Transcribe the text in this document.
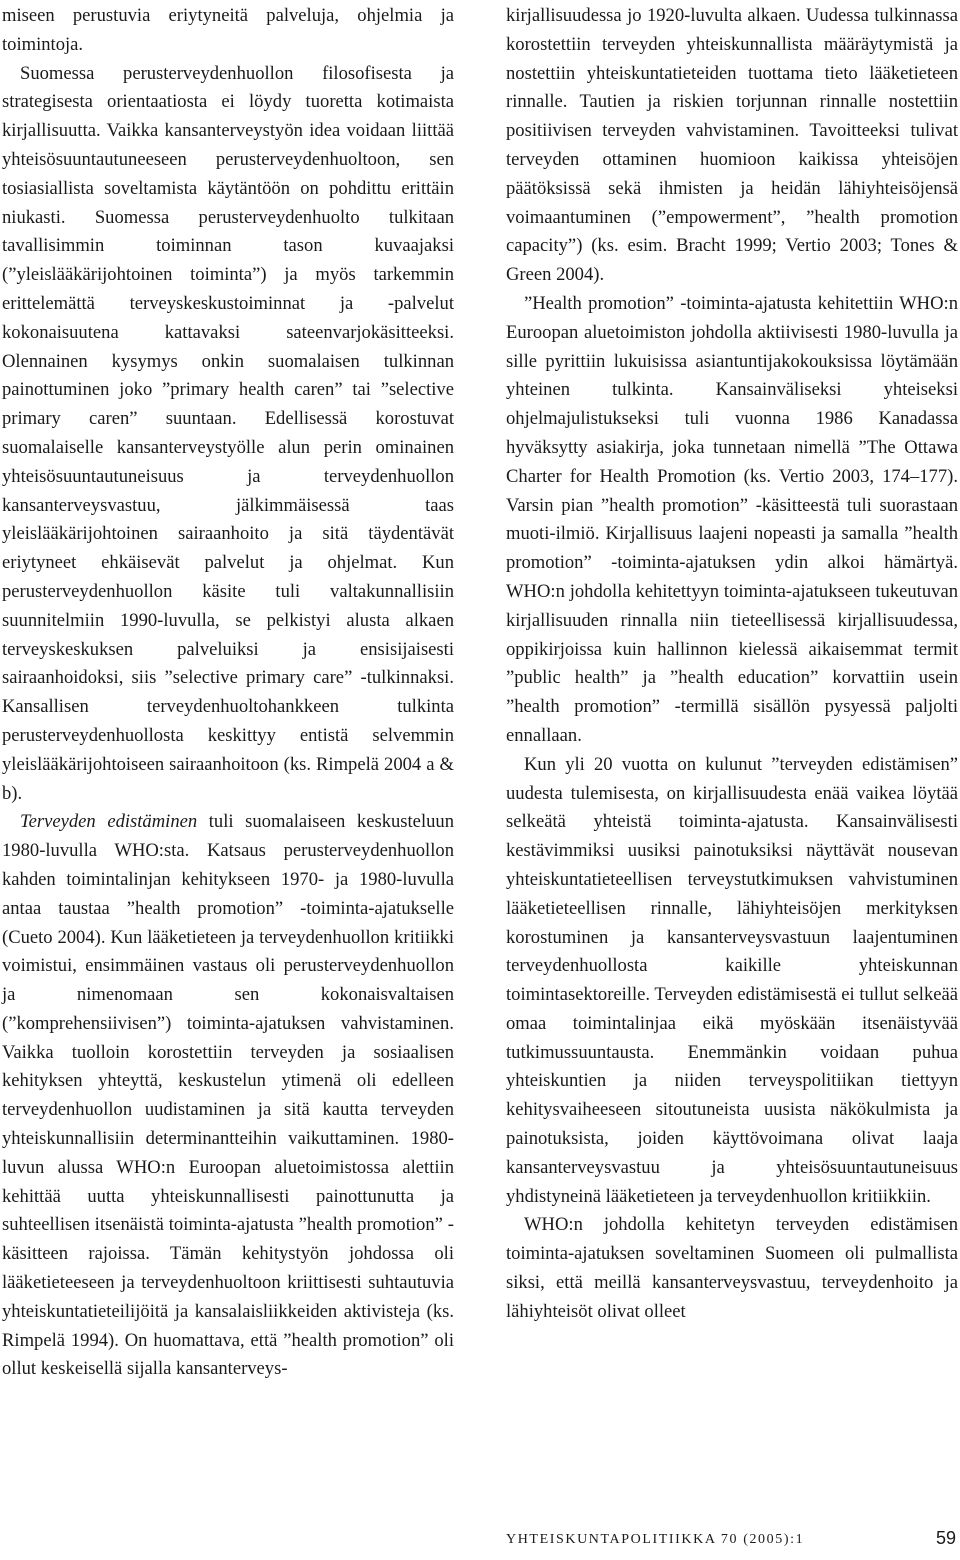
miseen perustuvia eriytyneitä palveluja, ohjelmia ja toimintoja.

Suomessa perusterveydenhuollon filosofisesta ja strategisesta orientaatiosta ei löydy tuoretta kotimaista kirjallisuutta. Vaikka kansanterveystyön idea voidaan liittää yhteisösuuntautuneeseen perusterveydenhuoltoon, sen tosiasiallista soveltamista käytäntöön on pohdittu erittäin niukasti. Suomessa perusterveydenhuolto tulkitaan tavallisimmin toiminnan tason kuvaajaksi (”yleislääkärijohtoinen toiminta”) ja myös tarkemmin erittelemättä terveyskeskustoiminnat ja -palvelut kokonaisuutena kattavaksi sateenvarjokäsitteeksi. Olennainen kysymys onkin suomalaisen tulkinnan painottuminen joko ”primary health caren” tai ”selective primary caren” suuntaan. Edellisessä korostuvat suomalaiselle kansanterveystyölle alun perin ominainen yhteisösuuntautuneisuus ja terveydenhuollon kansanterveysvastuu, jälkimmäisessä taas yleislääkärijohtoinen sairaanhoito ja sitä täydentävät eriytyneet ehkäisevät palvelut ja ohjelmat. Kun perusterveydenhuollon käsite tuli valtakunnallisiin suunnitelmiin 1990-luvulla, se pelkistyi alusta alkaen terveyskeskuksen palveluiksi ja ensisijaisesti sairaanhoidoksi, siis ”selective primary care” -tulkinnaksi. Kansallisen terveydenhuoltohankkeen tulkinta perusterveydenhuollosta keskittyy entistä selvemmin yleislääkärijohtoiseen sairaanhoitoon (ks. Rimpelä 2004 a & b).

Terveyden edistäminen tuli suomalaiseen keskusteluun 1980-luvulla WHO:sta. Katsaus perusterveydenhuollon kahden toimintalinjan kehitykseen 1970- ja 1980-luvulla antaa taustaa ”health promotion” -toiminta-ajatukselle (Cueto 2004). Kun lääketieteen ja terveydenhuollon kritiikki voimistui, ensimmäinen vastaus oli perusterveydenhuollon ja nimenomaan sen kokonaisvaltaisen (”komprehensiivisen”) toiminta-ajatuksen vahvistaminen. Vaikka tuolloin korostettiin terveyden ja sosiaalisen kehityksen yhteyttä, keskustelun ytimenä oli edelleen terveydenhuollon uudistaminen ja sitä kautta terveyden yhteiskunnallisiin determinantteihin vaikuttaminen. 1980-luvun alussa WHO:n Euroopan aluetoimistossa alettiin kehittää uutta yhteiskunnallisesti painottunutta ja suhteellisen itsenäistä toiminta-ajatusta ”health promotion” -käsitteen rajoissa. Tämän kehitystyön johdossa oli lääketieteeseen ja terveydenhuoltoon kriittisesti suhtautuvia yhteiskuntatieteilijöitä ja kansalaisliikkeiden aktivisteja (ks. Rimpelä 1994). On huomattava, että ”health promotion” oli ollut keskeisellä sijalla kansanterveys-

kirjallisuudessa jo 1920-luvulta alkaen. Uudessa tulkinnassa korostettiin terveyden yhteiskunnallista määräytymistä ja nostettiin yhteiskuntatieteiden tuottama tieto lääketieteen rinnalle. Tautien ja riskien torjunnan rinnalle nostettiin positiivisen terveyden vahvistaminen. Tavoitteeksi tulivat terveyden ottaminen huomioon kaikissa yhteisöjen päätöksissä sekä ihmisten ja heidän lähiyhteisöjensä voimaantuminen (”empowerment”, ”health promotion capacity”) (ks. esim. Bracht 1999; Vertio 2003; Tones & Green 2004).

”Health promotion” -toiminta-ajatusta kehitettiin WHO:n Euroopan aluetoimiston johdolla aktiivisesti 1980-luvulla ja sille pyrittiin lukuisissa asiantuntijakokouksissa löytämään yhteinen tulkinta. Kansainväliseksi yhteiseksi ohjelmajulistukseksi tuli vuonna 1986 Kanadassa hyväksytty asiakirja, joka tunnetaan nimellä ”The Ottawa Charter for Health Promotion (ks. Vertio 2003, 174–177). Varsin pian ”health promotion” -käsitteestä tuli suorastaan muoti-ilmiö. Kirjallisuus laajeni nopeasti ja samalla ”health promotion” -toiminta-ajatuksen ydin alkoi hämärtyä. WHO:n johdolla kehitettyyn toiminta-ajatukseen tukeutuvan kirjallisuuden rinnalla niin tieteellisessä kirjallisuudessa, oppikirjoissa kuin hallinnon kielessä aikaisemmat termit ”public health” ja ”health education” korvattiin usein ”health promotion” -termillä sisällön pysyessä paljolti ennallaan.

Kun yli 20 vuotta on kulunut ”terveyden edistämisen” uudesta tulemisesta, on kirjallisuudesta enää vaikea löytää selkeätä yhteistä toiminta-ajatusta. Kansainvälisesti kestävimmiksi uusiksi painotuksiksi näyttävät nousevan yhteiskuntatieteellisen terveystutkimuksen vahvistuminen lääketieteellisen rinnalle, lähiyhteisöjen merkityksen korostuminen ja kansanterveysvastuun laajentuminen terveydenhuollosta kaikille yhteiskunnan toimintasektoreille. Terveyden edistämisestä ei tullut selkeää omaa toimintalinjaa eikä myöskään itsenäistyvää tutkimussuuntausta. Enemmänkin voidaan puhua yhteiskuntien ja niiden terveyspolitiikan tiettyyn kehitysvaiheeseen sitoutuneista uusista näkökulmista ja painotuksista, joiden käyttövoimana olivat laaja kansanterveysvastuu ja yhteisösuuntautuneisuus yhdistyneinä lääketieteen ja terveydenhuollon kritiikkiin.

WHO:n johdolla kehitetyn terveyden edistämisen toiminta-ajatuksen soveltaminen Suomeen oli pulmallista siksi, että meillä kansanterveysvastuu, terveydenhoito ja lähiyhteisöt olivat olleet

YHTEISKUNTAPOLITIIKKA 70 (2005):1	59
